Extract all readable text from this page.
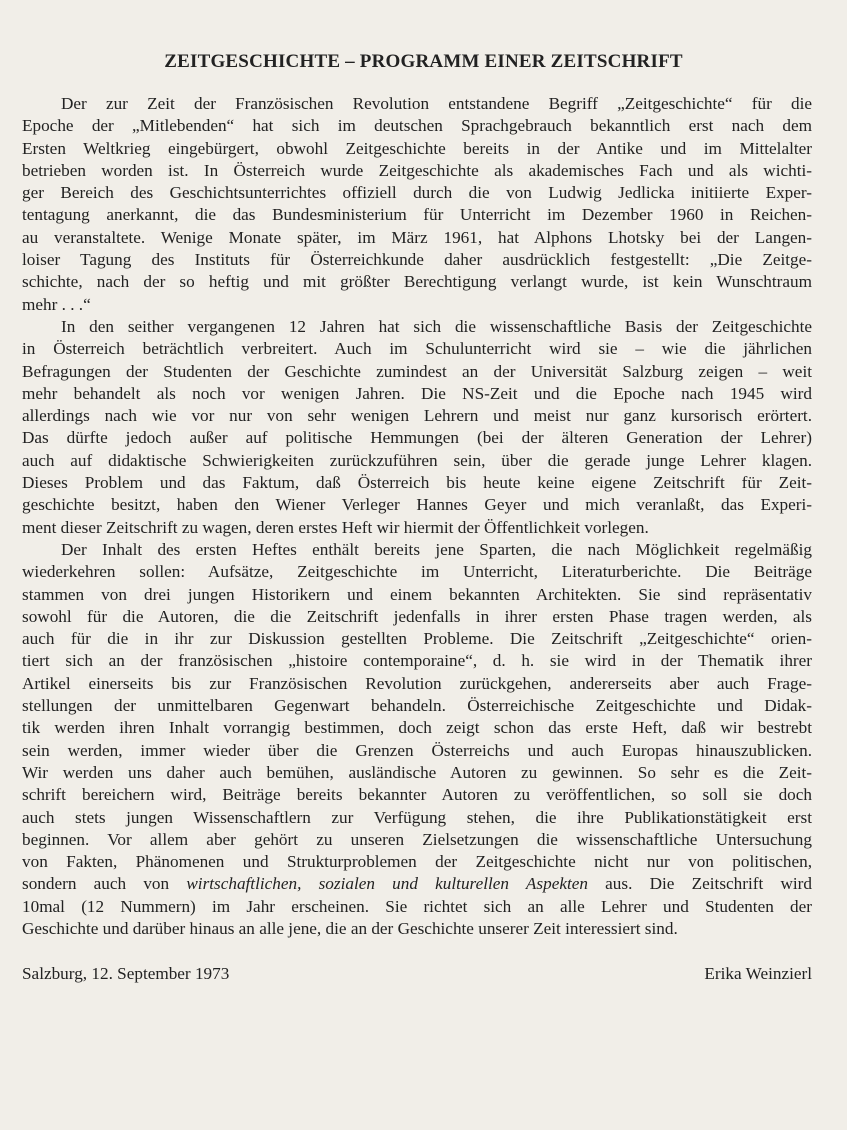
ZEITGESCHICHTE – PROGRAMM EINER ZEITSCHRIFT
Der zur Zeit der Französischen Revolution entstandene Begriff „Zeitgeschichte“ für die
Epoche der „Mitlebenden“ hat sich im deutschen Sprachgebrauch bekanntlich erst nach dem
Ersten Weltkrieg eingebürgert, obwohl Zeitgeschichte bereits in der Antike und im Mittelalter
betrieben worden ist. In Österreich wurde Zeitgeschichte als akademisches Fach und als wichti-
ger Bereich des Geschichtsunterrichtes offiziell durch die von Ludwig Jedlicka initiierte Exper-
tentagung anerkannt, die das Bundesministerium für Unterricht im Dezember 1960 in Reichen-
au veranstaltete. Wenige Monate später, im März 1961, hat Alphons Lhotsky bei der Langen-
loiser Tagung des Instituts für Österreichkunde daher ausdrücklich festgestellt: „Die Zeitge-
schichte, nach der so heftig und mit größter Berechtigung verlangt wurde, ist kein Wunschtraum
mehr . . .“
In den seither vergangenen 12 Jahren hat sich die wissenschaftliche Basis der Zeitgeschichte
in Österreich beträchtlich verbreitert. Auch im Schulunterricht wird sie – wie die jährlichen
Befragungen der Studenten der Geschichte zumindest an der Universität Salzburg zeigen – weit
mehr behandelt als noch vor wenigen Jahren. Die NS-Zeit und die Epoche nach 1945 wird
allerdings nach wie vor nur von sehr wenigen Lehrern und meist nur ganz kursorisch erörtert.
Das dürfte jedoch außer auf politische Hemmungen (bei der älteren Generation der Lehrer)
auch auf didaktische Schwierigkeiten zurückzuführen sein, über die gerade junge Lehrer klagen.
Dieses Problem und das Faktum, daß Österreich bis heute keine eigene Zeitschrift für Zeit-
geschichte besitzt, haben den Wiener Verleger Hannes Geyer und mich veranlaßt, das Experi-
ment dieser Zeitschrift zu wagen, deren erstes Heft wir hiermit der Öffentlichkeit vorlegen.
Der Inhalt des ersten Heftes enthält bereits jene Sparten, die nach Möglichkeit regelmäßig
wiederkehren sollen: Aufsätze, Zeitgeschichte im Unterricht, Literaturberichte. Die Beiträge
stammen von drei jungen Historikern und einem bekannten Architekten. Sie sind repräsentativ
sowohl für die Autoren, die die Zeitschrift jedenfalls in ihrer ersten Phase tragen werden, als
auch für die in ihr zur Diskussion gestellten Probleme. Die Zeitschrift „Zeitgeschichte“ orien-
tiert sich an der französischen „histoire contemporaine“, d. h. sie wird in der Thematik ihrer
Artikel einerseits bis zur Französischen Revolution zurückgehen, andererseits aber auch Frage-
stellungen der unmittelbaren Gegenwart behandeln. Österreichische Zeitgeschichte und Didak-
tik werden ihren Inhalt vorrangig bestimmen, doch zeigt schon das erste Heft, daß wir bestrebt
sein werden, immer wieder über die Grenzen Österreichs und auch Europas hinauszublicken.
Wir werden uns daher auch bemühen, ausländische Autoren zu gewinnen. So sehr es die Zeit-
schrift bereichern wird, Beiträge bereits bekannter Autoren zu veröffentlichen, so soll sie doch
auch stets jungen Wissenschaftlern zur Verfügung stehen, die ihre Publikationstätigkeit erst
beginnen. Vor allem aber gehört zu unseren Zielsetzungen die wissenschaftliche Untersuchung
von Fakten, Phänomenen und Strukturproblemen der Zeitgeschichte nicht nur von politischen,
sondern auch von wirtschaftlichen, sozialen und kulturellen Aspekten aus. Die Zeitschrift wird
10mal (12 Nummern) im Jahr erscheinen. Sie richtet sich an alle Lehrer und Studenten der
Geschichte und darüber hinaus an alle jene, die an der Geschichte unserer Zeit interessiert sind.
Salzburg, 12. September 1973	Erika Weinzierl
